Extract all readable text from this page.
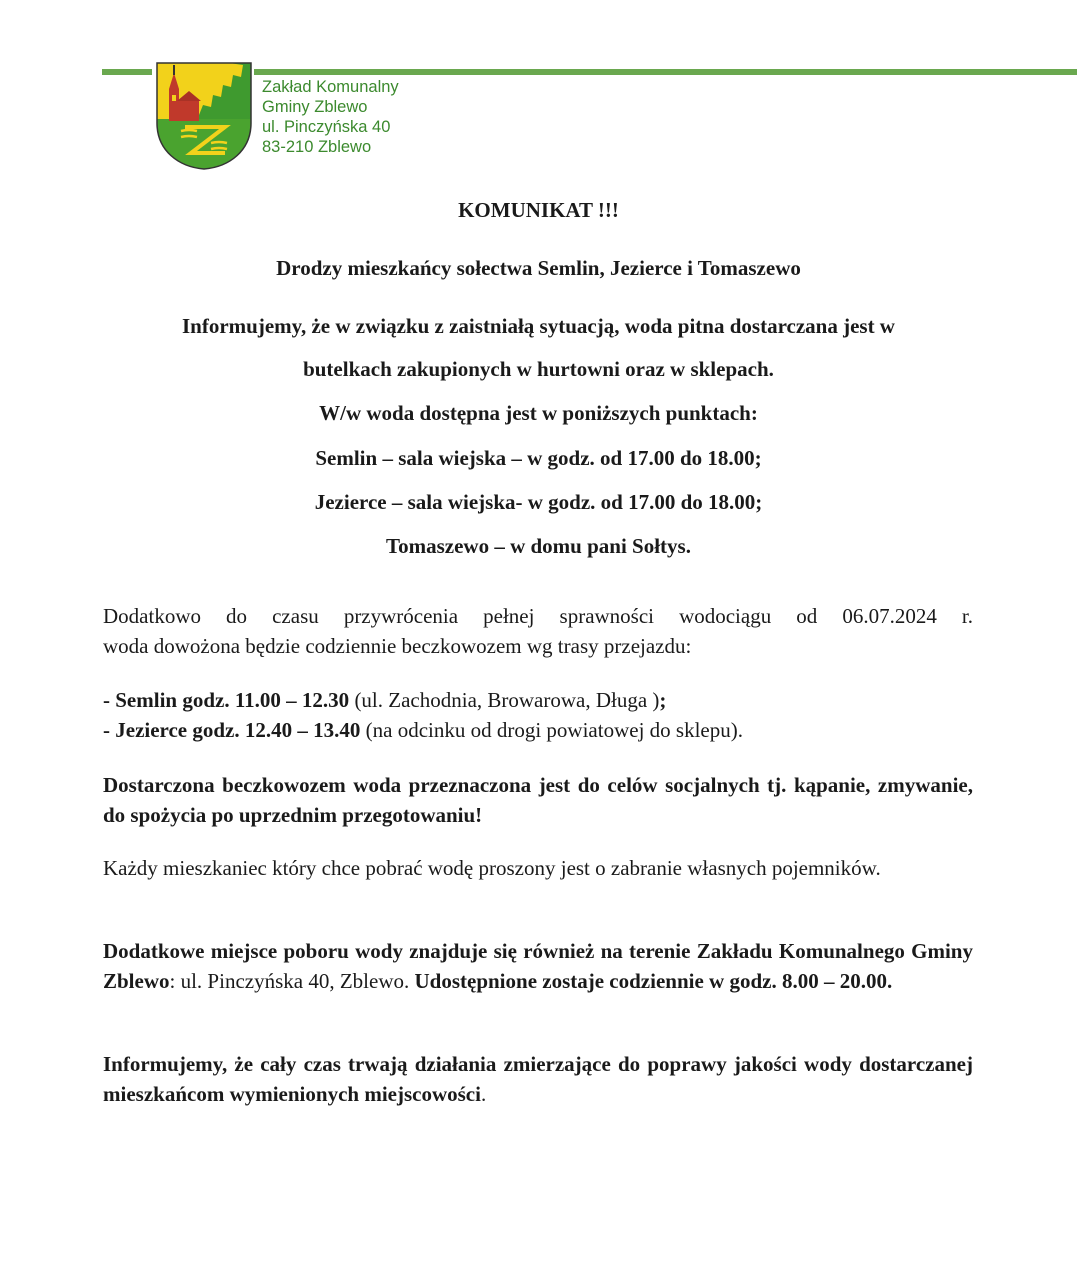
Zakład Komunalny
Gminy Zblewo
ul. Pinczyńska 40
83-210 Zblewo
KOMUNIKAT !!!
Drodzy mieszkańcy sołectwa Semlin, Jezierce i Tomaszewo
Informujemy, że w związku z zaistniałą sytuacją, woda pitna dostarczana jest w
butelkach zakupionych w hurtowni oraz w sklepach.
W/w woda dostępna jest w poniższych punktach:
Semlin – sala wiejska – w godz. od 17.00 do 18.00;
Jezierce – sala wiejska- w godz. od 17.00 do 18.00;
Tomaszewo – w domu pani Sołtys.
Dodatkowo do czasu przywrócenia pełnej sprawności wodociągu od 06.07.2024 r.
woda dowożona będzie codziennie beczkowozem wg trasy przejazdu:
- Semlin godz. 11.00 – 12.30 (ul. Zachodnia, Browarowa, Długa );
- Jezierce godz. 12.40 – 13.40 (na odcinku od drogi powiatowej do sklepu).
Dostarczona beczkowozem woda przeznaczona jest do celów socjalnych tj. kąpanie, zmywanie, do spożycia po uprzednim przegotowaniu!
Każdy mieszkaniec który chce pobrać wodę proszony jest o zabranie własnych pojemników.
Dodatkowe miejsce poboru wody znajduje się również na terenie Zakładu Komunalnego Gminy Zblewo: ul. Pinczyńska 40, Zblewo. Udostępnione zostaje codziennie w godz. 8.00 – 20.00.
Informujemy, że cały czas trwają działania zmierzające do poprawy jakości wody dostarczanej mieszkańcom wymienionych miejscowości.
